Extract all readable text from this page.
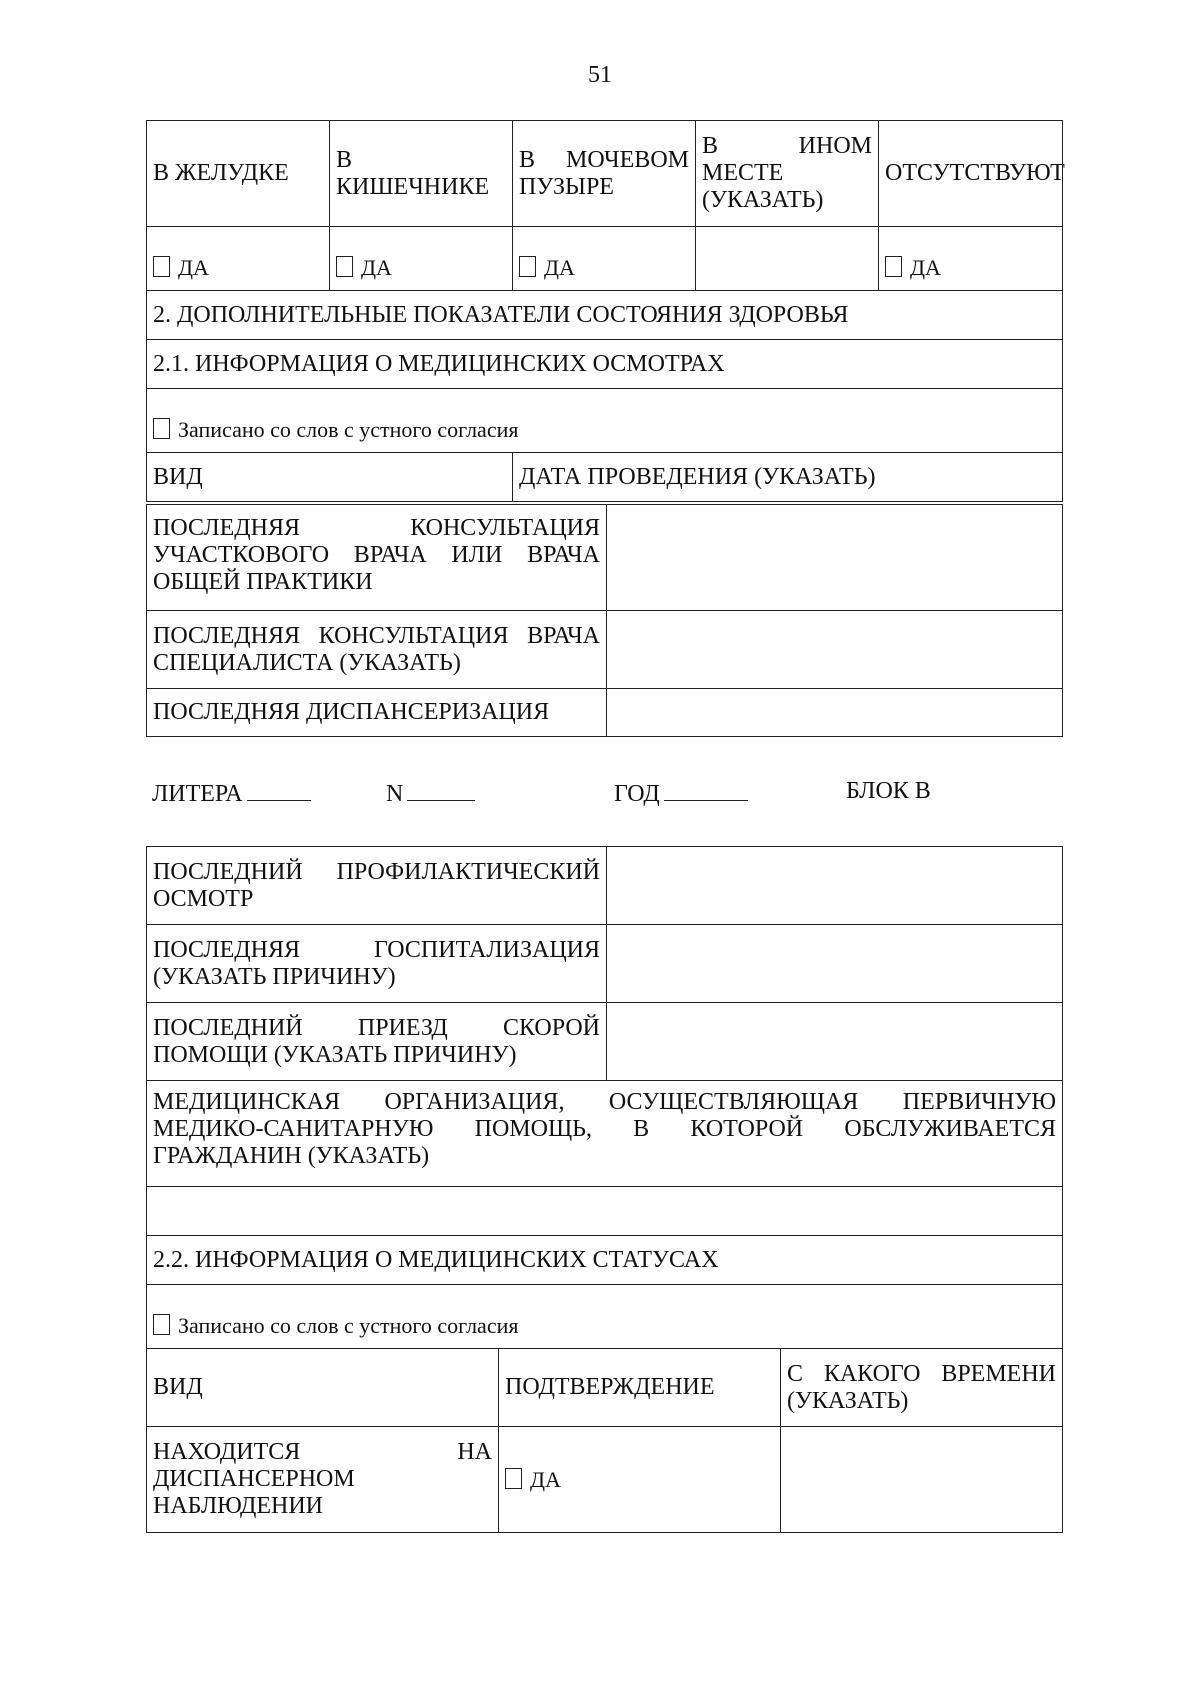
51
В ЖЕЛУДКЕ	В КИШЕЧНИКЕ	В МОЧЕВОМ ПУЗЫРЕ	В ИНОМ МЕСТЕ (УКАЗАТЬ)	ОТСУТСТВУЮТ
ДА	ДА	ДА		ДА
2. ДОПОЛНИТЕЛЬНЫЕ ПОКАЗАТЕЛИ СОСТОЯНИЯ ЗДОРОВЬЯ				
2.1. ИНФОРМАЦИЯ О МЕДИЦИНСКИХ ОСМОТРАХ				
Записано со слов с устного согласия				
ВИД		ДАТА ПРОВЕДЕНИЯ (УКАЗАТЬ)		
ПОСЛЕДНЯЯ КОНСУЛЬТАЦИЯ УЧАСТКОВОГО ВРАЧА ИЛИ ВРАЧА ОБЩЕЙ ПРАКТИКИ	
ПОСЛЕДНЯЯ КОНСУЛЬТАЦИЯ ВРАЧА СПЕЦИАЛИСТА (УКАЗАТЬ)	
ПОСЛЕДНЯЯ ДИСПАНСЕРИЗАЦИЯ	
ЛИТЕРА	N	ГОД	БЛОК В
ПОСЛЕДНИЙ ПРОФИЛАКТИЧЕСКИЙ ОСМОТР	
ПОСЛЕДНЯЯ ГОСПИТАЛИЗАЦИЯ (УКАЗАТЬ ПРИЧИНУ)	
ПОСЛЕДНИЙ ПРИЕЗД СКОРОЙ ПОМОЩИ (УКАЗАТЬ ПРИЧИНУ)	
МЕДИЦИНСКАЯ ОРГАНИЗАЦИЯ, ОСУЩЕСТВЛЯЮЩАЯ ПЕРВИЧНУЮ МЕДИКО-САНИТАРНУЮ ПОМОЩЬ, В КОТОРОЙ ОБСЛУЖИВАЕТСЯ ГРАЖДАНИН (УКАЗАТЬ)	

2.2. ИНФОРМАЦИЯ О МЕДИЦИНСКИХ СТАТУСАХ	
Записано со слов с устного согласия	
ВИД	ПОДТВЕРЖДЕНИЕ	С КАКОГО ВРЕМЕНИ (УКАЗАТЬ)
НАХОДИТСЯ НА ДИСПАНСЕРНОМ НАБЛЮДЕНИИ	ДА	
